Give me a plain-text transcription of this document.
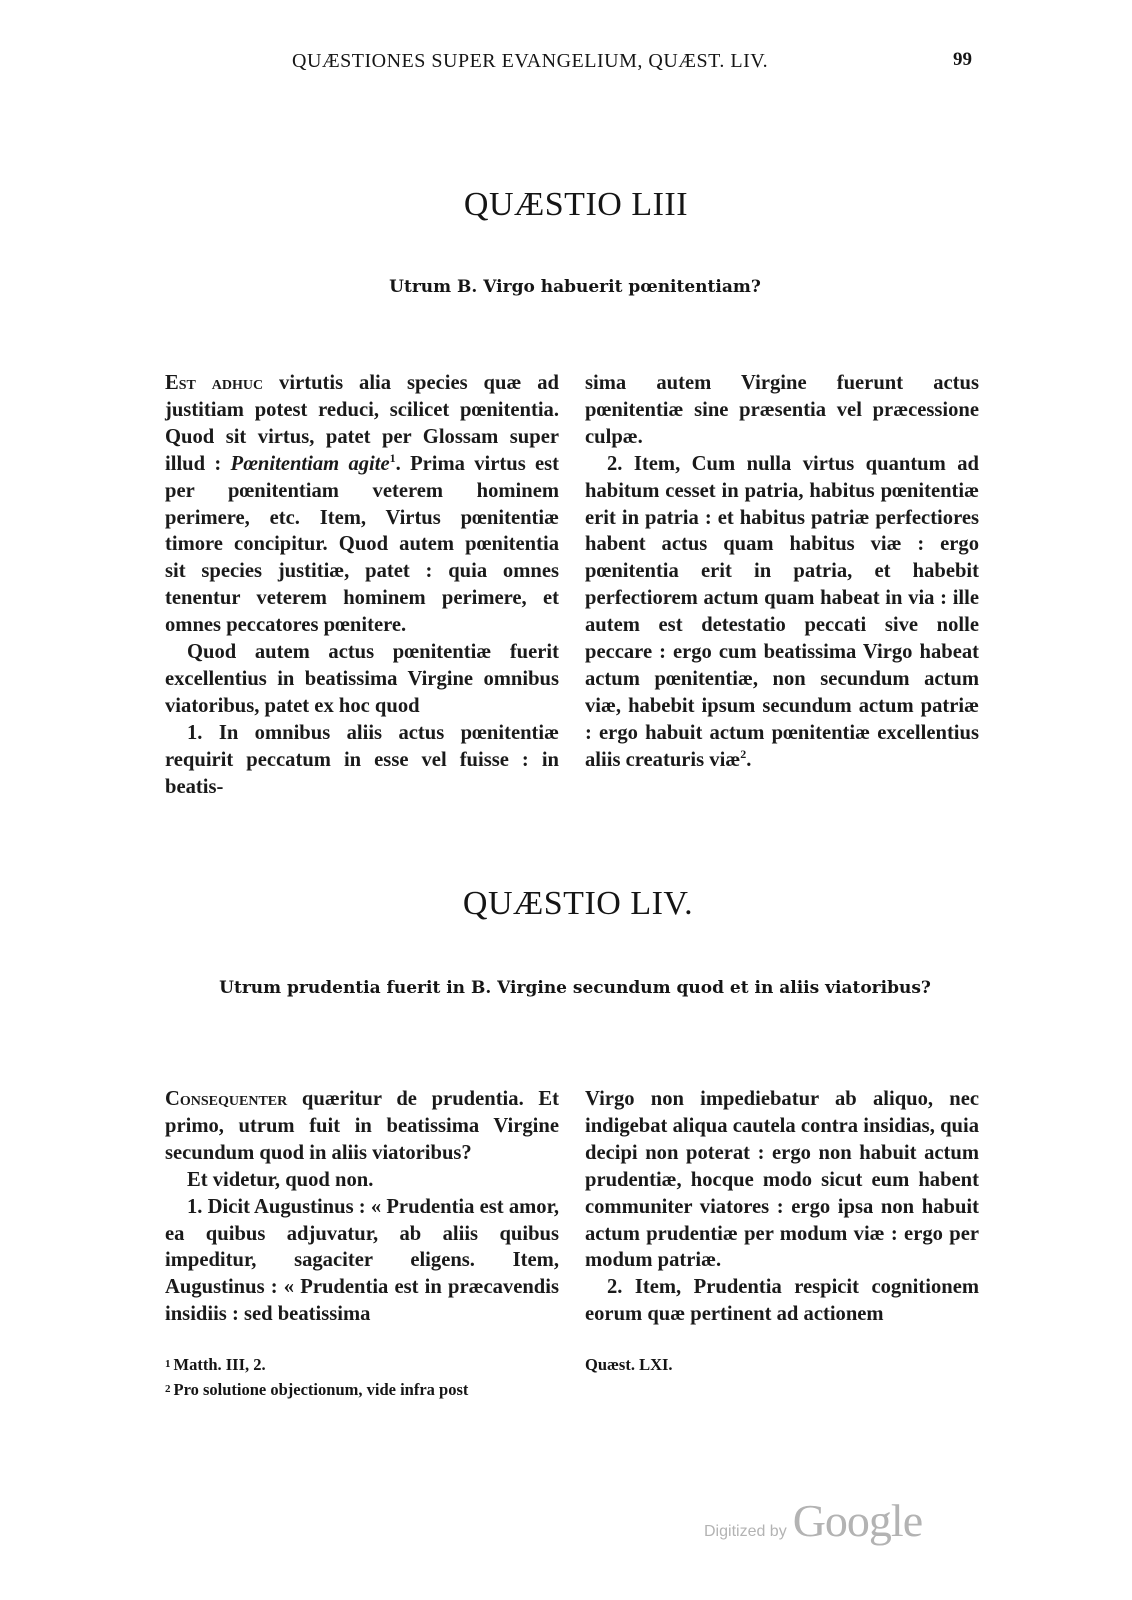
QUÆSTIONES SUPER EVANGELIUM, QUÆST. LIV.	99
QUÆSTIO LIII
Utrum B. Virgo habuerit pœnitentiam?

Est adhuc virtutis alia species quæ ad justitiam potest reduci, scilicet pœnitentia. Quod sit virtus, patet per Glossam super illud : Pœnitentiam agite$^1$. Prima virtus est per pœnitentiam veterem hominem perimere, etc. Item, Virtus pœnitentiæ timore concipitur. Quod autem pœnitentia sit species justitiæ, patet : quia omnes tenentur veterem hominem perimere, et omnes peccatores pœnitere.

Quod autem actus pœnitentiæ fuerit excellentius in beatissima Virgine omnibus viatoribus, patet ex hoc quod

1. In omnibus aliis actus pœnitentiæ requirit peccatum in esse vel fuisse : in beatis-

sima autem Virgine fuerunt actus pœnitentiæ sine præsentia vel præcessione culpæ.

2. Item, Cum nulla virtus quantum ad habitum cesset in patria, habitus pœnitentiæ erit in patria : et habitus patriæ perfectiores habent actus quam habitus viæ : ergo pœnitentia erit in patria, et habebit perfectiorem actum quam habeat in via : ille autem est detestatio peccati sive nolle peccare : ergo cum beatissima Virgo habeat actum pœnitentiæ, non secundum actum viæ, habebit ipsum secundum actum patriæ : ergo habuit actum pœnitentiæ excellentius aliis creaturis viæ$^2$.

QUÆSTIO LIV.
Utrum prudentia fuerit in B. Virgine secundum quod et in aliis viatoribus?

Consequenter quæritur de prudentia. Et primo, utrum fuit in beatissima Virgine secundum quod in aliis viatoribus?

Et videtur, quod non.

1. Dicit Augustinus : « Prudentia est amor, ea quibus adjuvatur, ab aliis quibus impeditur, sagaciter eligens. Item, Augustinus : « Prudentia est in præcavendis insidiis : sed beatissima

Virgo non impediebatur ab aliquo, nec indigebat aliqua cautela contra insidias, quia decipi non poterat : ergo non habuit actum prudentiæ, hocque modo sicut eum habent communiter viatores : ergo ipsa non habuit actum prudentiæ per modum viæ : ergo per modum patriæ.

2. Item, Prudentia respicit cognitionem eorum quæ pertinent ad actionem

$^1$ Matth. III, 2.
$^2$ Pro solutione objectionum, vide infra post
Quæst. LXI.
Digitized by Google
